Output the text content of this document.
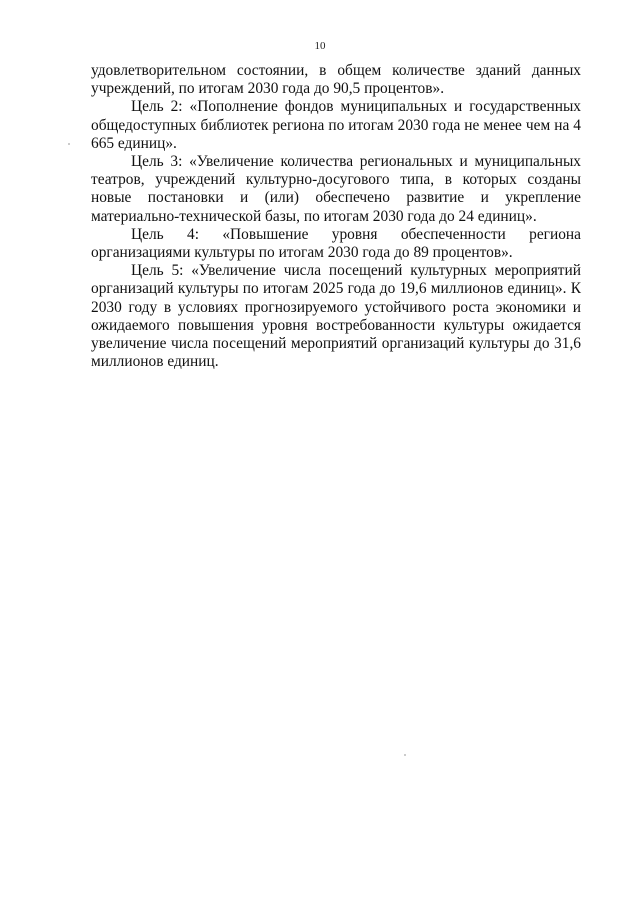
10

удовлетворительном состоянии, в общем количестве зданий данных учреждений, по итогам 2030 года до 90,5 процентов».

Цель 2: «Пополнение фондов муниципальных и государственных общедоступных библиотек региона по итогам 2030 года не менее чем на 4 665 единиц».

Цель 3: «Увеличение количества региональных и муниципальных театров, учреждений культурно-досугового типа, в которых созданы новые постановки и (или) обеспечено развитие и укрепление материально-технической базы, по итогам 2030 года до 24 единиц».

Цель 4: «Повышение уровня обеспеченности региона организациями культуры по итогам 2030 года до 89 процентов».

Цель 5: «Увеличение числа посещений культурных мероприятий организаций культуры по итогам 2025 года до 19,6 миллионов единиц». К 2030 году в условиях прогнозируемого устойчивого роста экономики и ожидаемого повышения уровня востребованности культуры ожидается увеличение числа посещений мероприятий организаций культуры до 31,6 миллионов единиц.
